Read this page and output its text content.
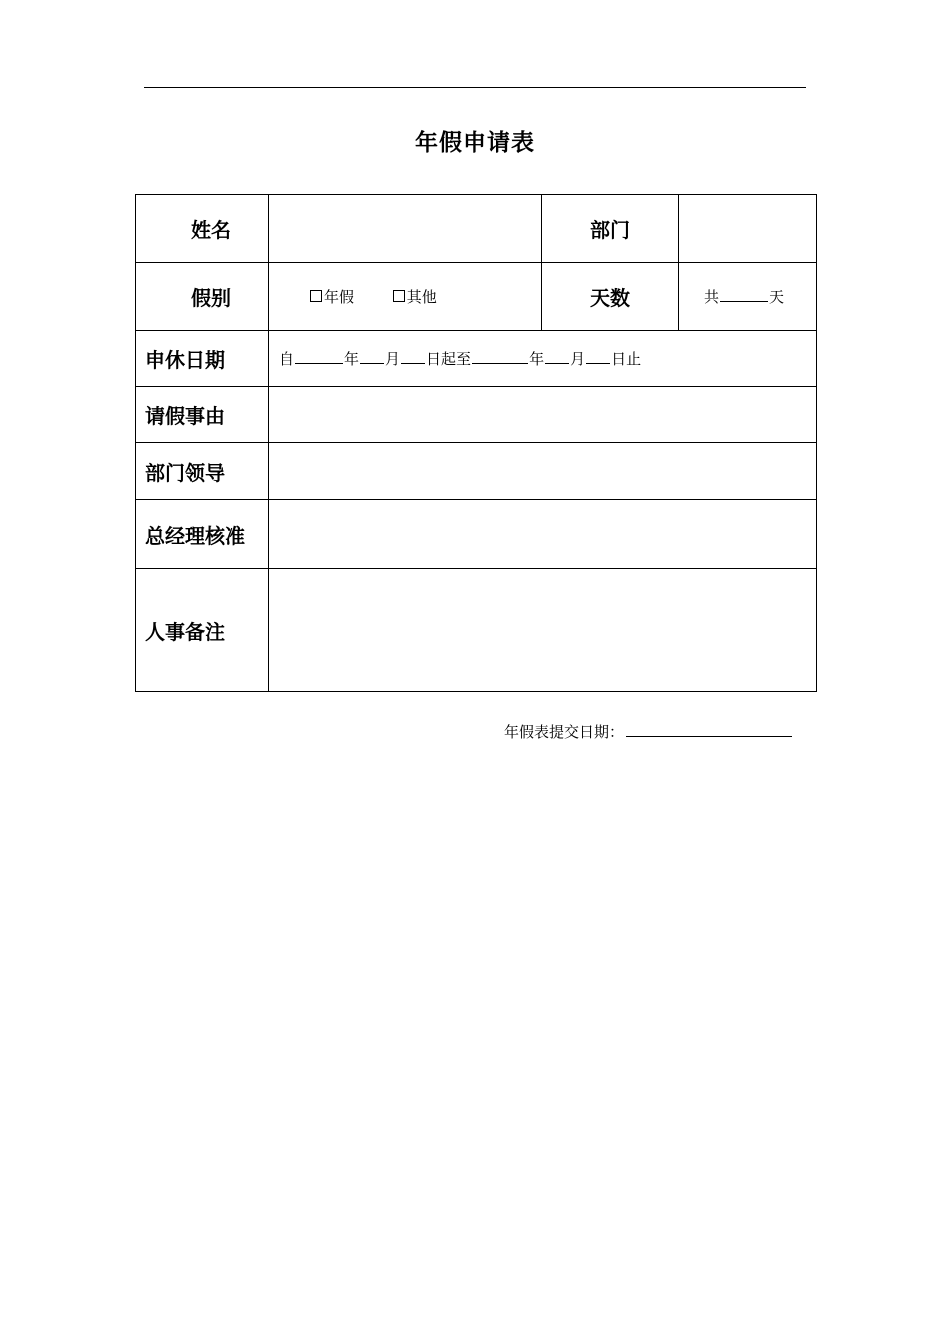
年假申请表
姓名		部门	
假别	年假 其他	天数	共 天
申休日期	自 年 月 日起至 年 月 日止		
请假事由			
部门领导			
总经理核准			
人事备注			
年假表提交日期：
